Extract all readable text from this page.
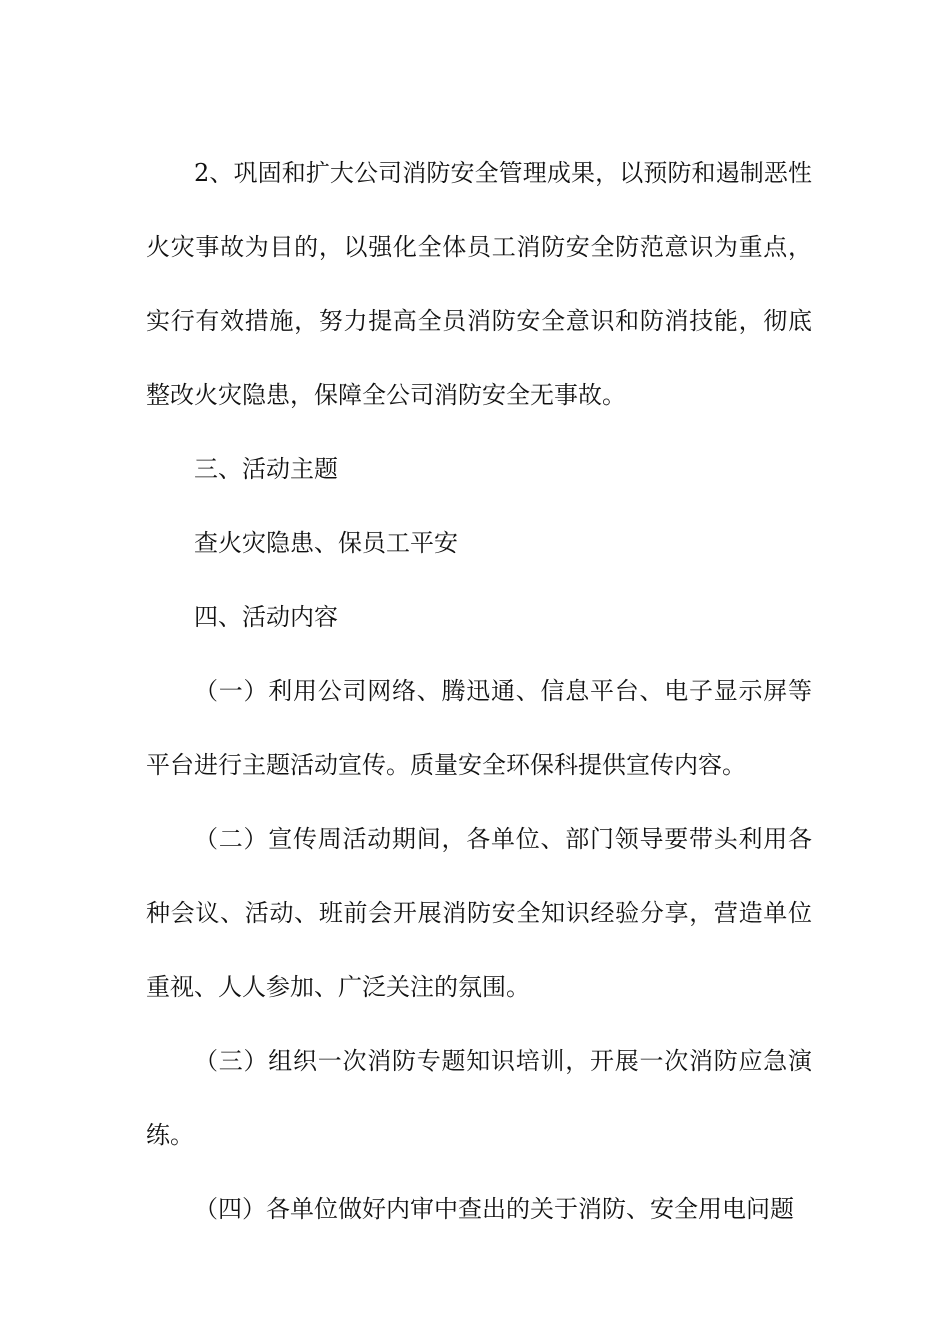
2、巩固和扩大公司消防安全管理成果，以预防和遏制恶性火灾事故为目的，以强化全体员工消防安全防范意识为重点，实行有效措施，努力提高全员消防安全意识和防消技能，彻底整改火灾隐患，保障全公司消防安全无事故。

三、活动主题

查火灾隐患、保员工平安

四、活动内容

（一）利用公司网络、腾迅通、信息平台、电子显示屏等平台进行主题活动宣传。质量安全环保科提供宣传内容。

（二）宣传周活动期间，各单位、部门领导要带头利用各种会议、活动、班前会开展消防安全知识经验分享，营造单位重视、人人参加、广泛关注的氛围。

（三）组织一次消防专题知识培训，开展一次消防应急演练。

（四）各单位做好内审中查出的关于消防、安全用电问题
